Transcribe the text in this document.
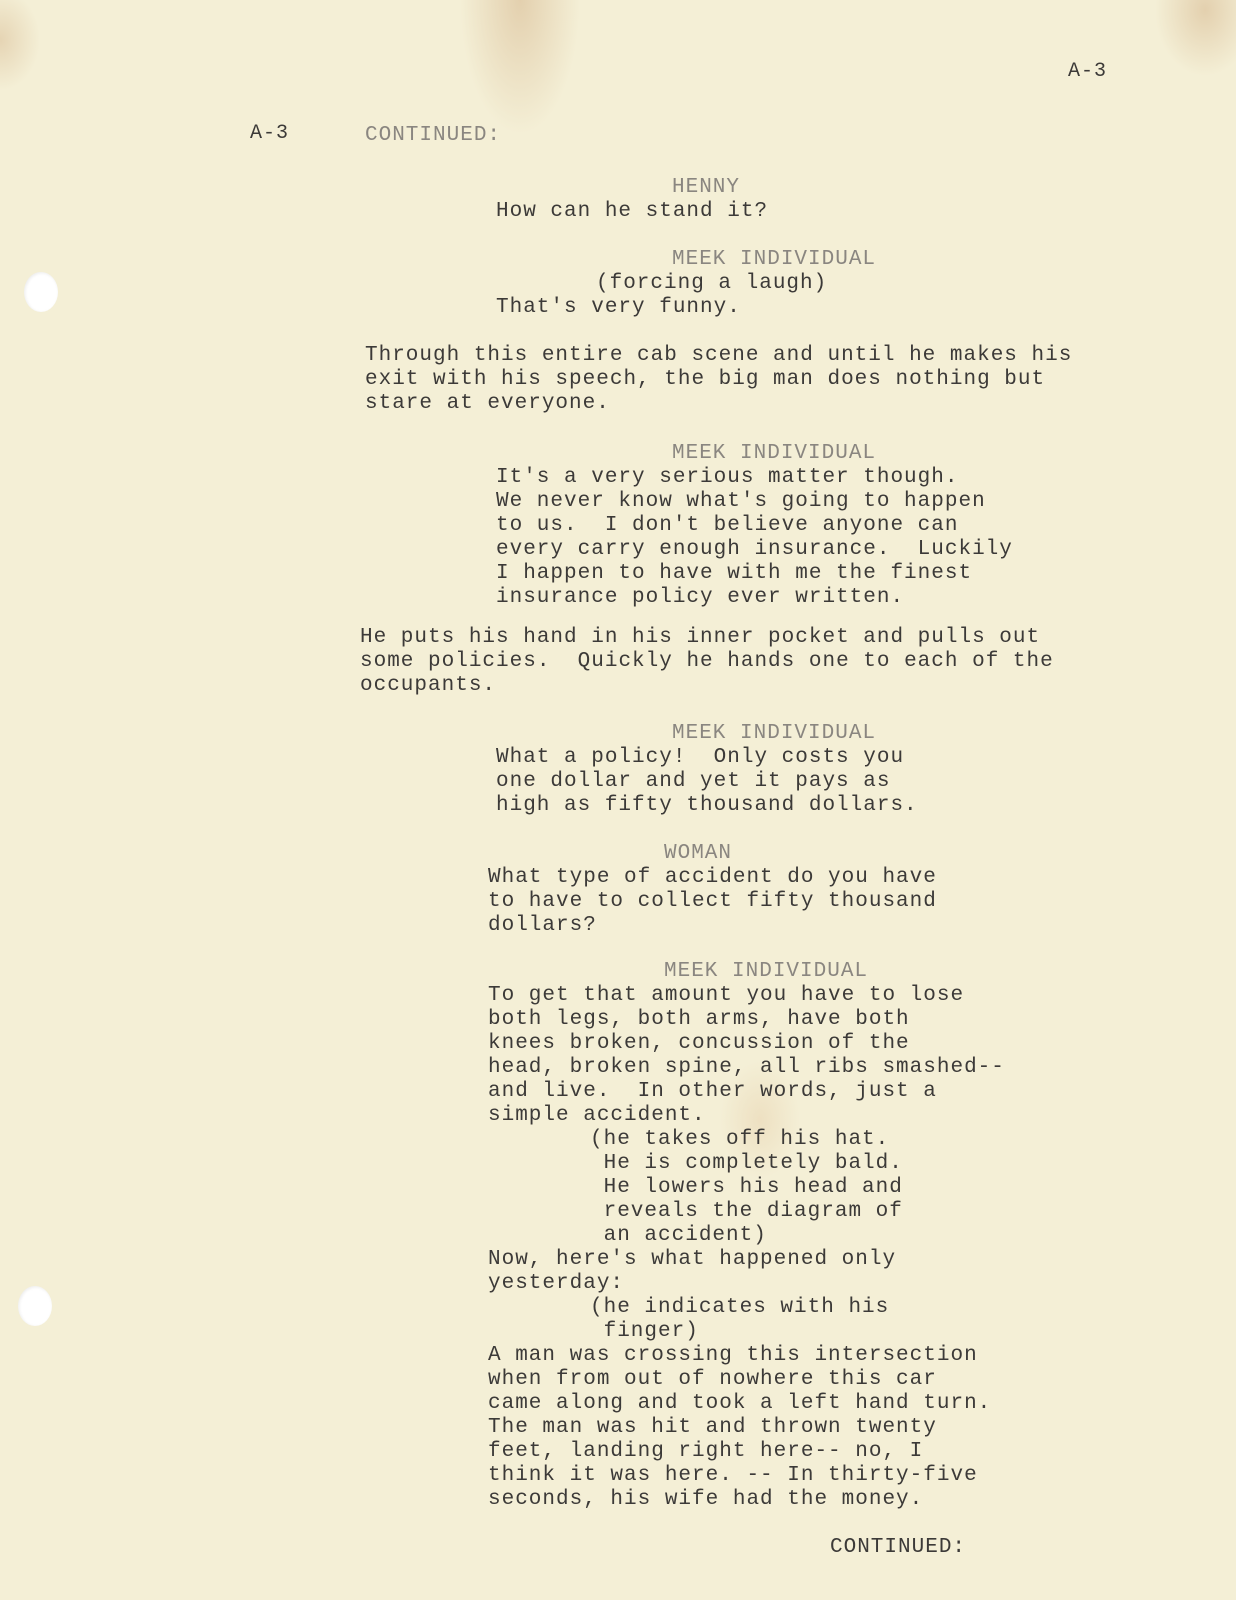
A-3
A-3	CONTINUED:
HENNY
How can he stand it?
MEEK INDIVIDUAL
(forcing a laugh)
That's very funny.
Through this entire cab scene and until he makes his
exit with his speech, the big man does nothing but
stare at everyone.
MEEK INDIVIDUAL
It's a very serious matter though.
We never know what's going to happen
to us.  I don't believe anyone can
every carry enough insurance.  Luckily
I happen to have with me the finest
insurance policy ever written.
He puts his hand in his inner pocket and pulls out
some policies.  Quickly he hands one to each of the
occupants.
MEEK INDIVIDUAL
What a policy!  Only costs you
one dollar and yet it pays as
high as fifty thousand dollars.
WOMAN
What type of accident do you have
to have to collect fifty thousand
dollars?
MEEK INDIVIDUAL
To get that amount you have to lose
both legs, both arms, have both
knees broken, concussion of the
head, broken spine, all ribs smashed--
and live.  In other words, just a
simple accident.
(he takes off his hat.
He is completely bald.
He lowers his head and
reveals the diagram of
an accident)
Now, here's what happened only
yesterday:
(he indicates with his
finger)
A man was crossing this intersection
when from out of nowhere this car
came along and took a left hand turn.
The man was hit and thrown twenty
feet, landing right here-- no, I
think it was here. -- In thirty-five
seconds, his wife had the money.
CONTINUED:
